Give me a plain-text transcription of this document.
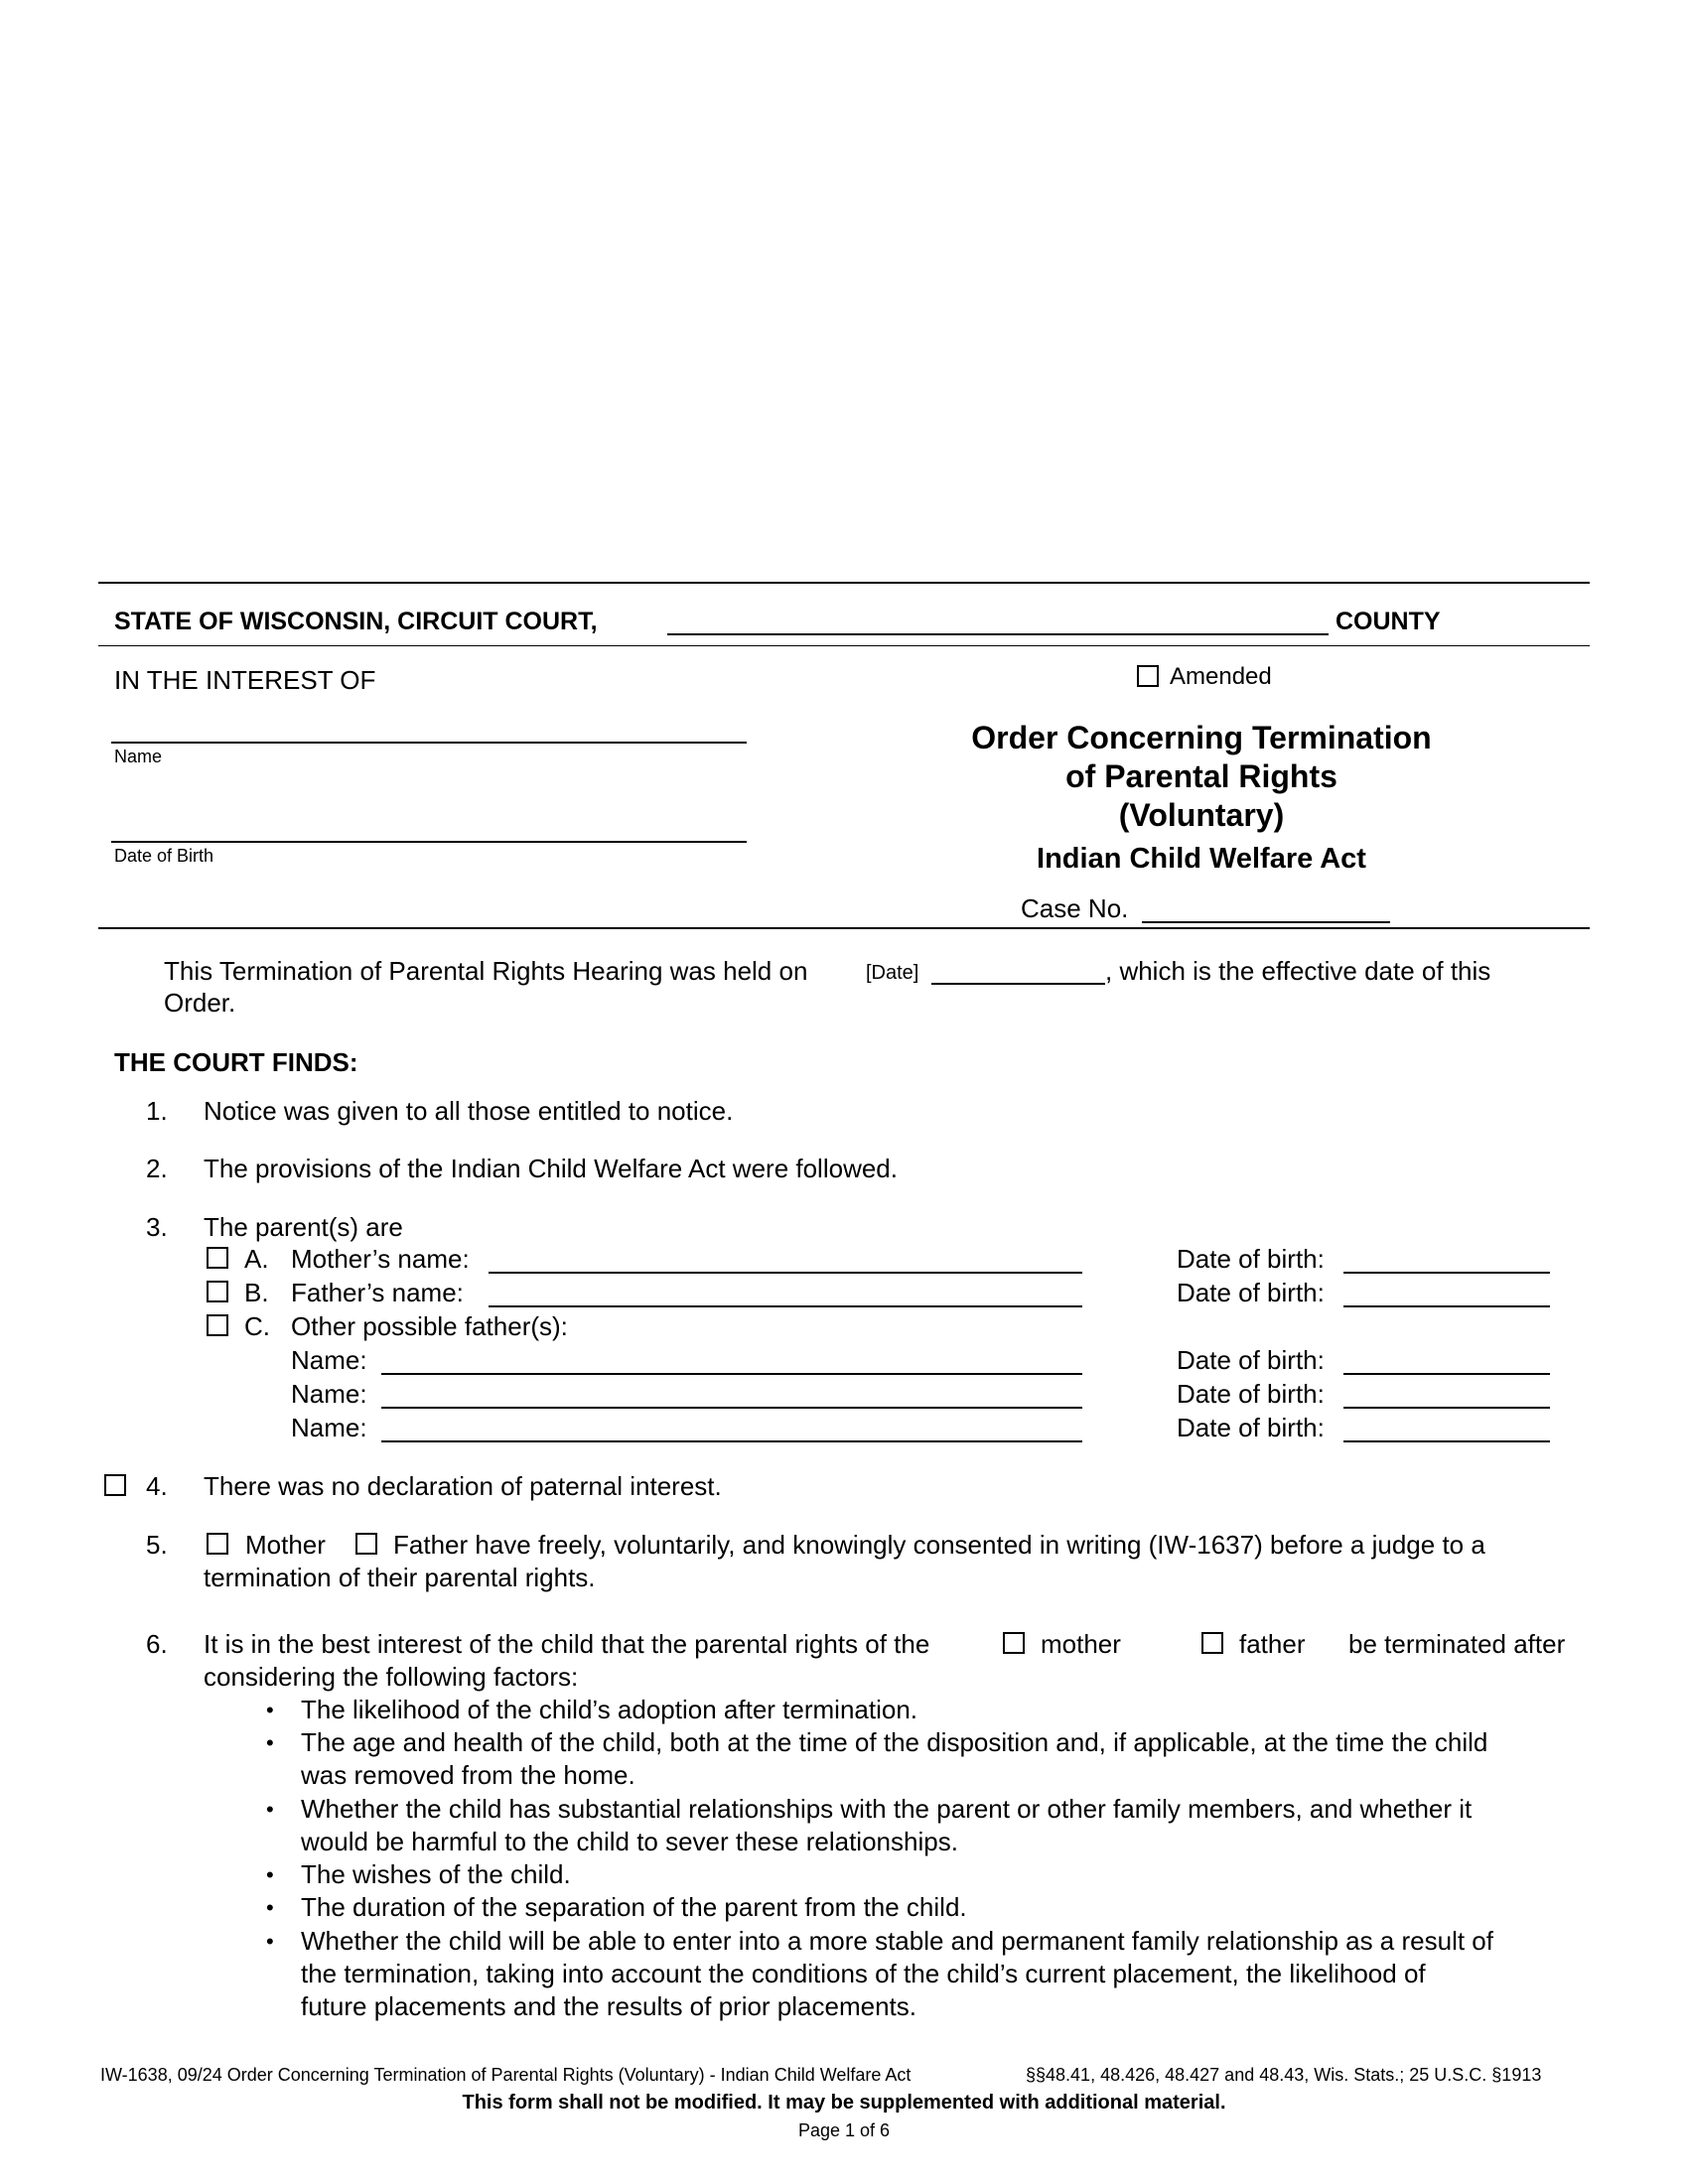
STATE OF WISCONSIN, CIRCUIT COURT,	COUNTY
IN THE INTEREST OF	Amended
Name
Date of Birth
Order Concerning Termination
of Parental Rights
(Voluntary)
Indian Child Welfare Act
Case No.
This Termination of Parental Rights Hearing was held on	[Date]	, which is the effective date of this
Order.
THE COURT FINDS:
1. Notice was given to all those entitled to notice.
2. The provisions of the Indian Child Welfare Act were followed.
3. The parent(s) are
A. Mother’s name:	Date of birth:
B. Father’s name:	Date of birth:
C. Other possible father(s):
Name:	Date of birth:
Name:	Date of birth:
Name:	Date of birth:
4. There was no declaration of paternal interest.
5.	Mother	Father have freely, voluntarily, and knowingly consented in writing (IW-1637) before a judge to a
termination of their parental rights.
6. It is in the best interest of the child that the parental rights of the	mother	father be terminated after
considering the following factors:
• The likelihood of the child’s adoption after termination.
• The age and health of the child, both at the time of the disposition and, if applicable, at the time the child
was removed from the home.
• Whether the child has substantial relationships with the parent or other family members, and whether it
would be harmful to the child to sever these relationships.
• The wishes of the child.
• The duration of the separation of the parent from the child.
• Whether the child will be able to enter into a more stable and permanent family relationship as a result of
the termination, taking into account the conditions of the child’s current placement, the likelihood of
future placements and the results of prior placements.
IW-1638, 09/24 Order Concerning Termination of Parental Rights (Voluntary) - Indian Child Welfare Act	§§48.41, 48.426, 48.427 and 48.43, Wis. Stats.; 25 U.S.C. §1913
This form shall not be modified. It may be supplemented with additional material.
Page 1 of 6
